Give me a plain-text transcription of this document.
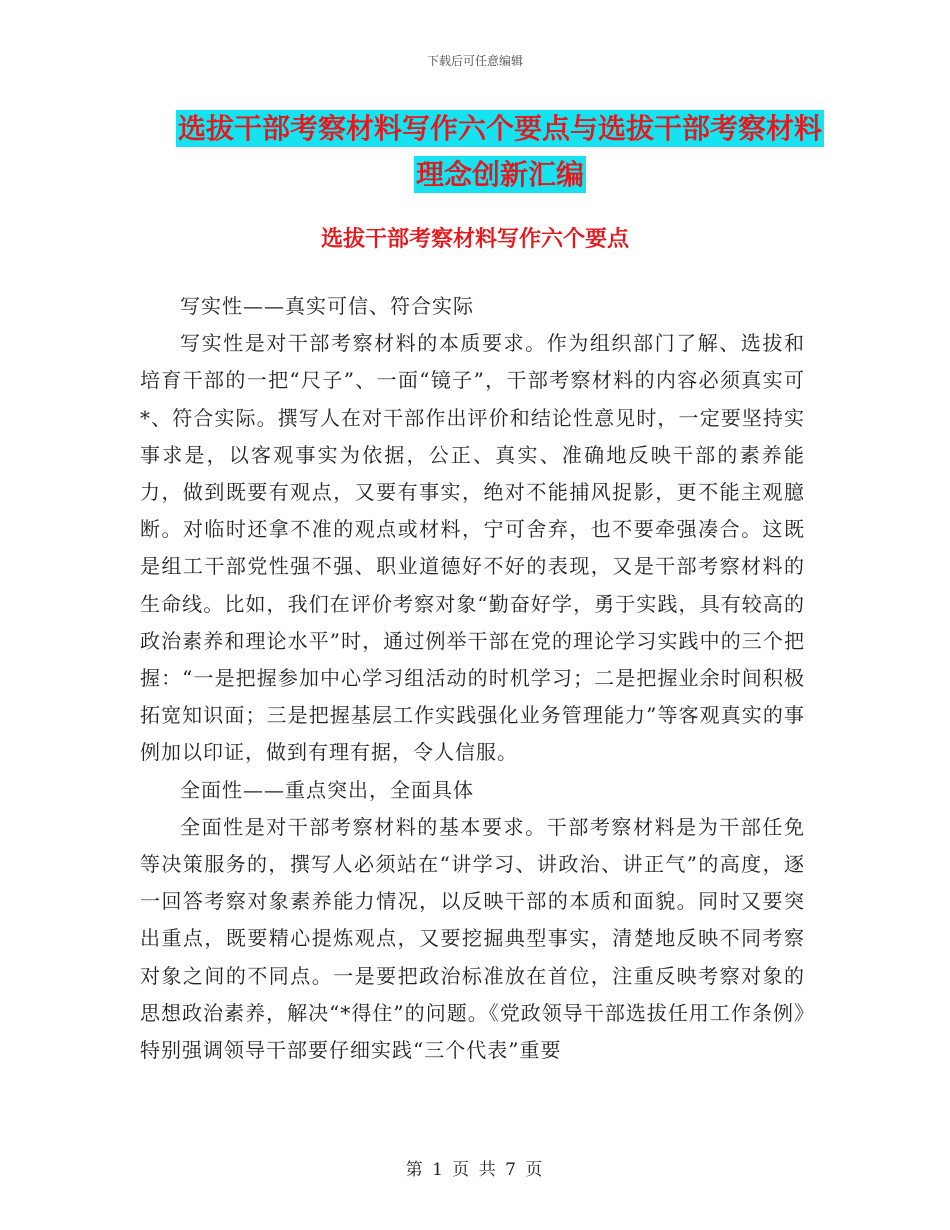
下载后可任意编辑
选拔干部考察材料写作六个要点与选拔干部考察材料
理念创新汇编
选拔干部考察材料写作六个要点

写实性——真实可信、符合实际

写实性是对干部考察材料的本质要求。作为组织部门了解、选拔和培育干部的一把“尺子”、一面“镜子”，干部考察材料的内容必须真实可*、符合实际。撰写人在对干部作出评价和结论性意见时，一定要坚持实事求是，以客观事实为依据，公正、真实、准确地反映干部的素养能力，做到既要有观点，又要有事实，绝对不能捕风捉影，更不能主观臆断。对临时还拿不准的观点或材料，宁可舍弃，也不要牵强凑合。这既是组工干部党性强不强、职业道德好不好的表现，又是干部考察材料的生命线。比如，我们在评价考察对象“勤奋好学，勇于实践，具有较高的政治素养和理论水平”时，通过例举干部在党的理论学习实践中的三个把握：“一是把握参加中心学习组活动的时机学习；二是把握业余时间积极拓宽知识面；三是把握基层工作实践强化业务管理能力”等客观真实的事例加以印证，做到有理有据，令人信服。

全面性——重点突出，全面具体

全面性是对干部考察材料的基本要求。干部考察材料是为干部任免等决策服务的，撰写人必须站在“讲学习、讲政治、讲正气”的高度，逐一回答考察对象素养能力情况，以反映干部的本质和面貌。同时又要突出重点，既要精心提炼观点，又要挖掘典型事实，清楚地反映不同考察对象之间的不同点。一是要把政治标准放在首位，注重反映考察对象的思想政治素养，解决“*得住”的问题。《党政领导干部选拔任用工作条例》特别强调领导干部要仔细实践“三个代表”重要

第 1 页 共 7 页
